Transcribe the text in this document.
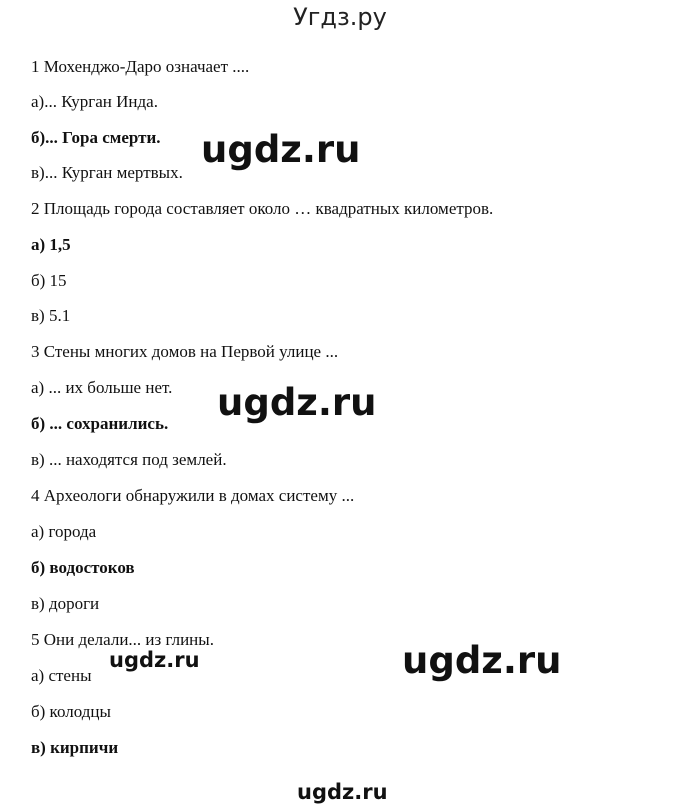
Угдз.ру
1 Мохенджо-Даро означает ....
а)... Курган Инда.
б)... Гора смерти.
в)... Курган мертвых.
2 Площадь города составляет около … квадратных километров.
а) 1,5
б) 15
в) 5.1
3 Стены многих домов на Первой улице ...
а) ... их больше нет.
б) ... сохранились.
в) ... находятся под землей.
4 Археологи обнаружили в домах систему ...
а) города
б) водостоков
в) дороги
5 Они делали... из глины.
а) стены
б) колодцы
в) кирпичи
ugdz.ru
ugdz.ru
ugdz.ru
ugdz.ru
ugdz.ru
